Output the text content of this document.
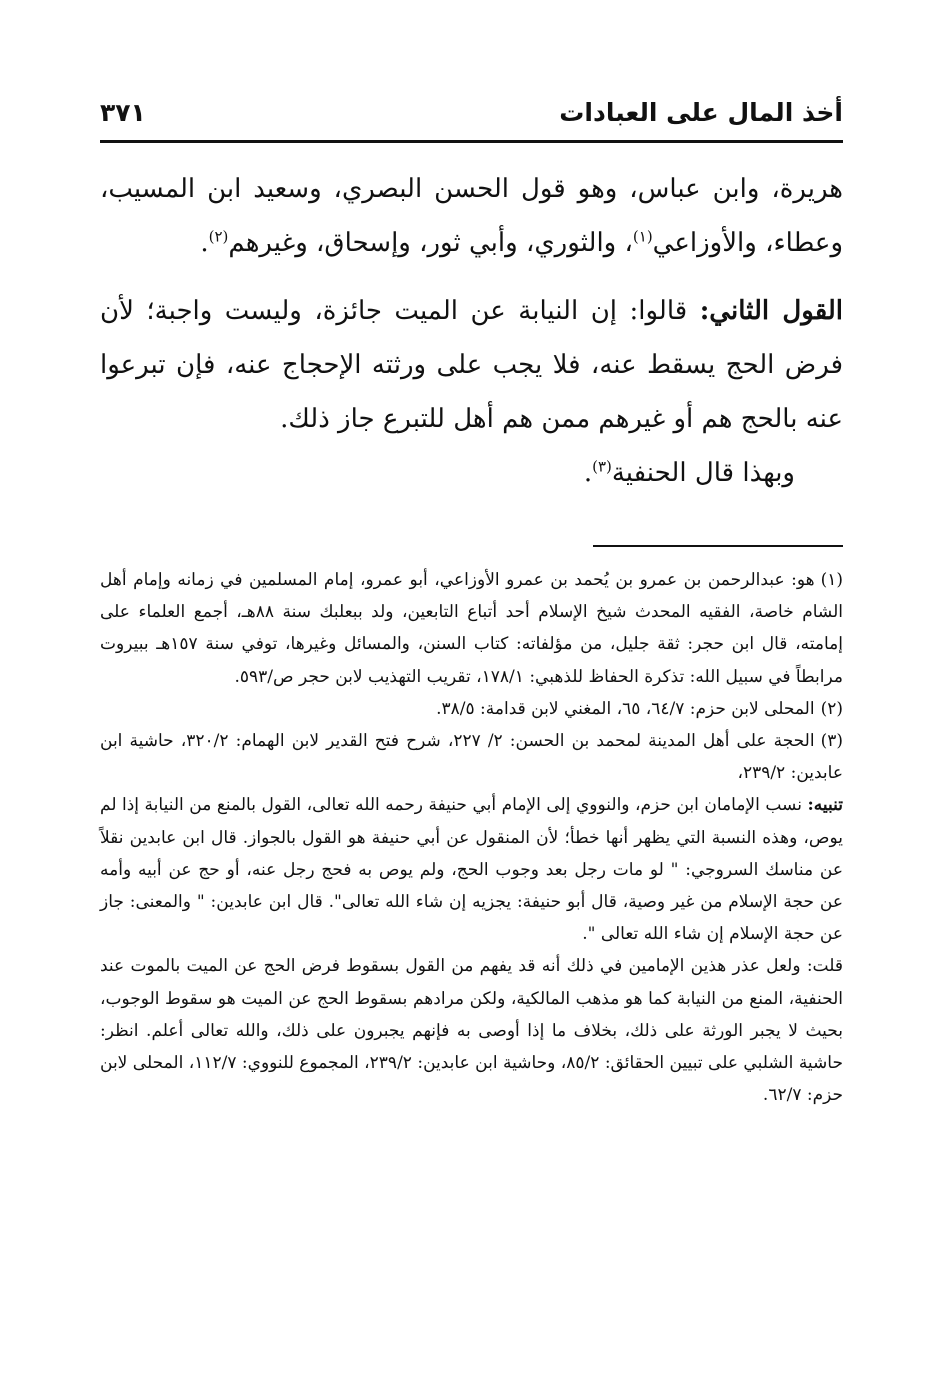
أخذ المال على العبادات
٣٧١

هريرة، وابن عباس، وهو قول الحسن البصري، وسعيد ابن المسيب، وعطاء، والأوزاعي$^{(١)}$، والثوري، وأبي ثور، وإسحاق، وغيرهم$^{(٢)}$.

القول الثاني: قالوا: إن النيابة عن الميت جائزة، وليست واجبة؛ لأن فرض الحج يسقط عنه، فلا يجب على ورثته الإحجاج عنه، فإن تبرعوا عنه بالحج هم أو غيرهم ممن هم أهل للتبرع جاز ذلك.

وبهذا قال الحنفية$^{(٣)}$.

(١)هو: عبدالرحمن بن عمرو بن يُحمد بن عمرو الأوزاعي، أبو عمرو، إمام المسلمين في زمانه وإمام أهل الشام خاصة، الفقيه المحدث شيخ الإسلام أحد أتباع التابعين، ولد ببعلبك سنة ٨٨هـ، أجمع العلماء على إمامته، قال ابن حجر: ثقة جليل، من مؤلفاته: كتاب السنن، والمسائل وغيرها، توفي سنة ١٥٧هـ ببيروت مرابطاً في سبيل الله: تذكرة الحفاظ للذهبي: ١٧٨/١، تقريب التهذيب لابن حجر ص/٥٩٣.

(٢)المحلى لابن حزم: ٦٤/٧، ٦٥، المغني لابن قدامة: ٣٨/٥.

(٣)الحجة على أهل المدينة لمحمد بن الحسن: ٢/ ٢٢٧، شرح فتح القدير لابن الهمام: ٣٢٠/٢، حاشية ابن عابدين: ٢٣٩/٢،

تنبيه: نسب الإمامان ابن حزم، والنووي إلى الإمام أبي حنيفة رحمه الله تعالى، القول بالمنع من النيابة إذا لم يوص، وهذه النسبة التي يظهر أنها خطأ؛ لأن المنقول عن أبي حنيفة هو القول بالجواز. قال ابن عابدين نقلاً عن مناسك السروجي: " لو مات رجل بعد وجوب الحج، ولم يوص به فحج رجل عنه، أو حج عن أبيه وأمه عن حجة الإسلام من غير وصية، قال أبو حنيفة: يجزيه إن شاء الله تعالى". قال ابن عابدين: " والمعنى: جاز عن حجة الإسلام إن شاء الله تعالى ".

قلت: ولعل عذر هذين الإمامين في ذلك أنه قد يفهم من القول بسقوط فرض الحج عن الميت بالموت عند الحنفية، المنع من النيابة كما هو مذهب المالكية، ولكن مرادهم بسقوط الحج عن الميت هو سقوط الوجوب، بحيث لا يجبر الورثة على ذلك، بخلاف ما إذا أوصى به فإنهم يجبرون على ذلك، والله تعالى أعلم. انظر: حاشية الشلبي على تبيين الحقائق: ٨٥/٢، وحاشية ابن عابدين: ٢٣٩/٢، المجموع للنووي: ١١٢/٧، المحلى لابن حزم: ٦٢/٧.
